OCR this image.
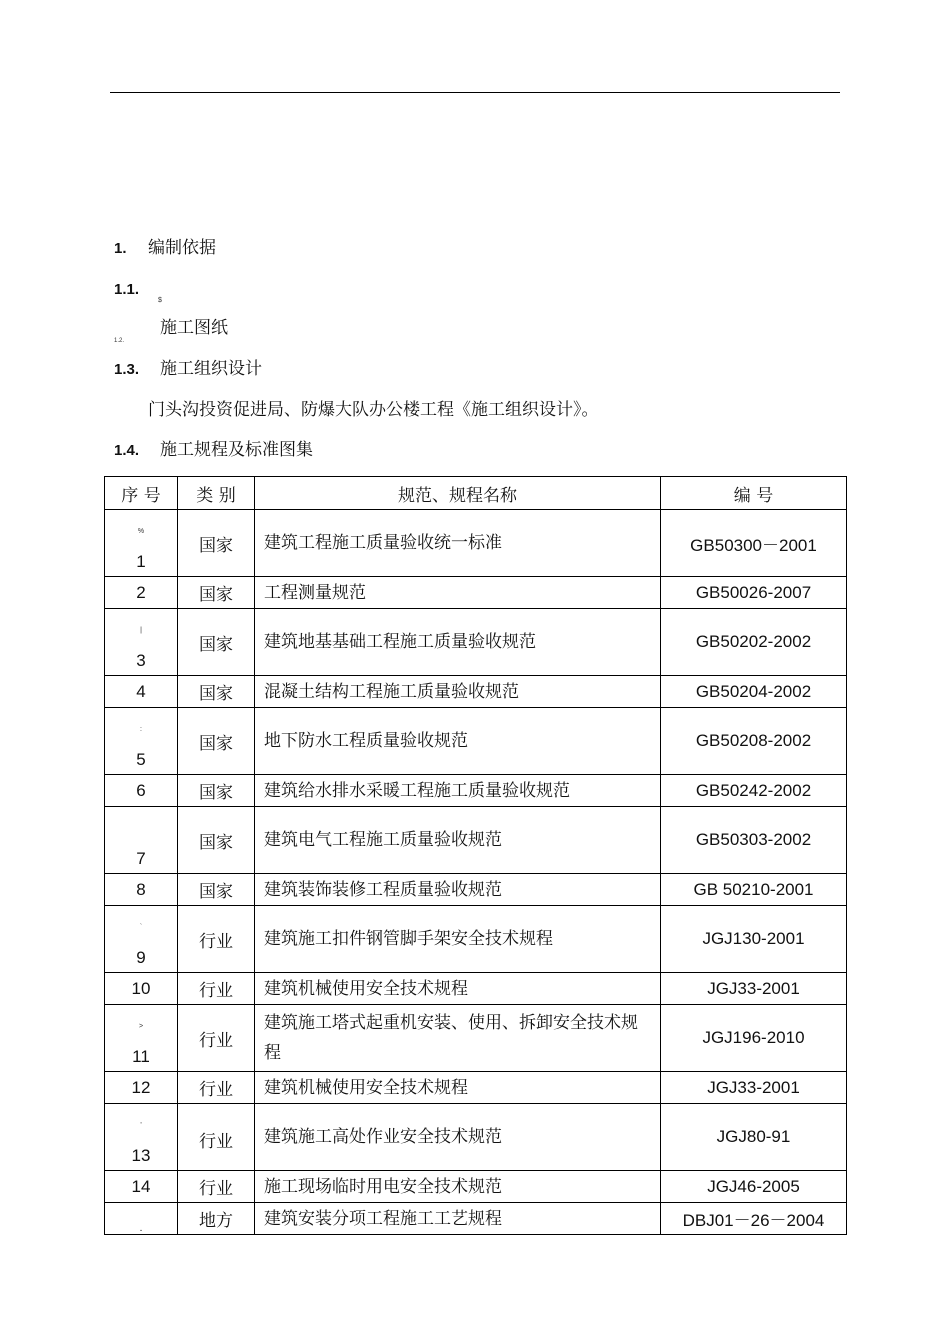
1. 编制依据
1.1.
$
施工图纸
1.2.
1.3. 施工组织设计
门头沟投资促进局、防爆大队办公楼工程《施工组织设计》。
1.4. 施工规程及标准图集
序 号	类 别	规范、规程名称	编 号

%
1	国家	建筑工程施工质量验收统一标准	GB50300－2001
2	国家	工程测量规范	GB50026-2007

|
3	国家	建筑地基基础工程施工质量验收规范	GB50202-2002
4	国家	混凝土结构工程施工质量验收规范	GB50204-2002

:
5	国家	地下防水工程质量验收规范	GB50208-2002
6	国家	建筑给水排水采暖工程施工质量验收规范	GB50242-2002
7	国家	建筑电气工程施工质量验收规范	GB50303-2002
8	国家	建筑装饰装修工程质量验收规范	GB 50210-2001

`
9	行业	建筑施工扣件钢管脚手架安全技术规程	JGJ130-2001
10	行业	建筑机械使用安全技术规程	JGJ33-2001

>
11	行业	建筑施工塔式起重机安装、使用、拆卸安全技术规程	JGJ196-2010
12	行业	建筑机械使用安全技术规程	JGJ33-2001

'
13	行业	建筑施工高处作业安全技术规范	JGJ80-91
14	行业	施工现场临时用电安全技术规范	JGJ46-2005
.	地方	建筑安装分项工程施工工艺规程	DBJ01－26－2004
